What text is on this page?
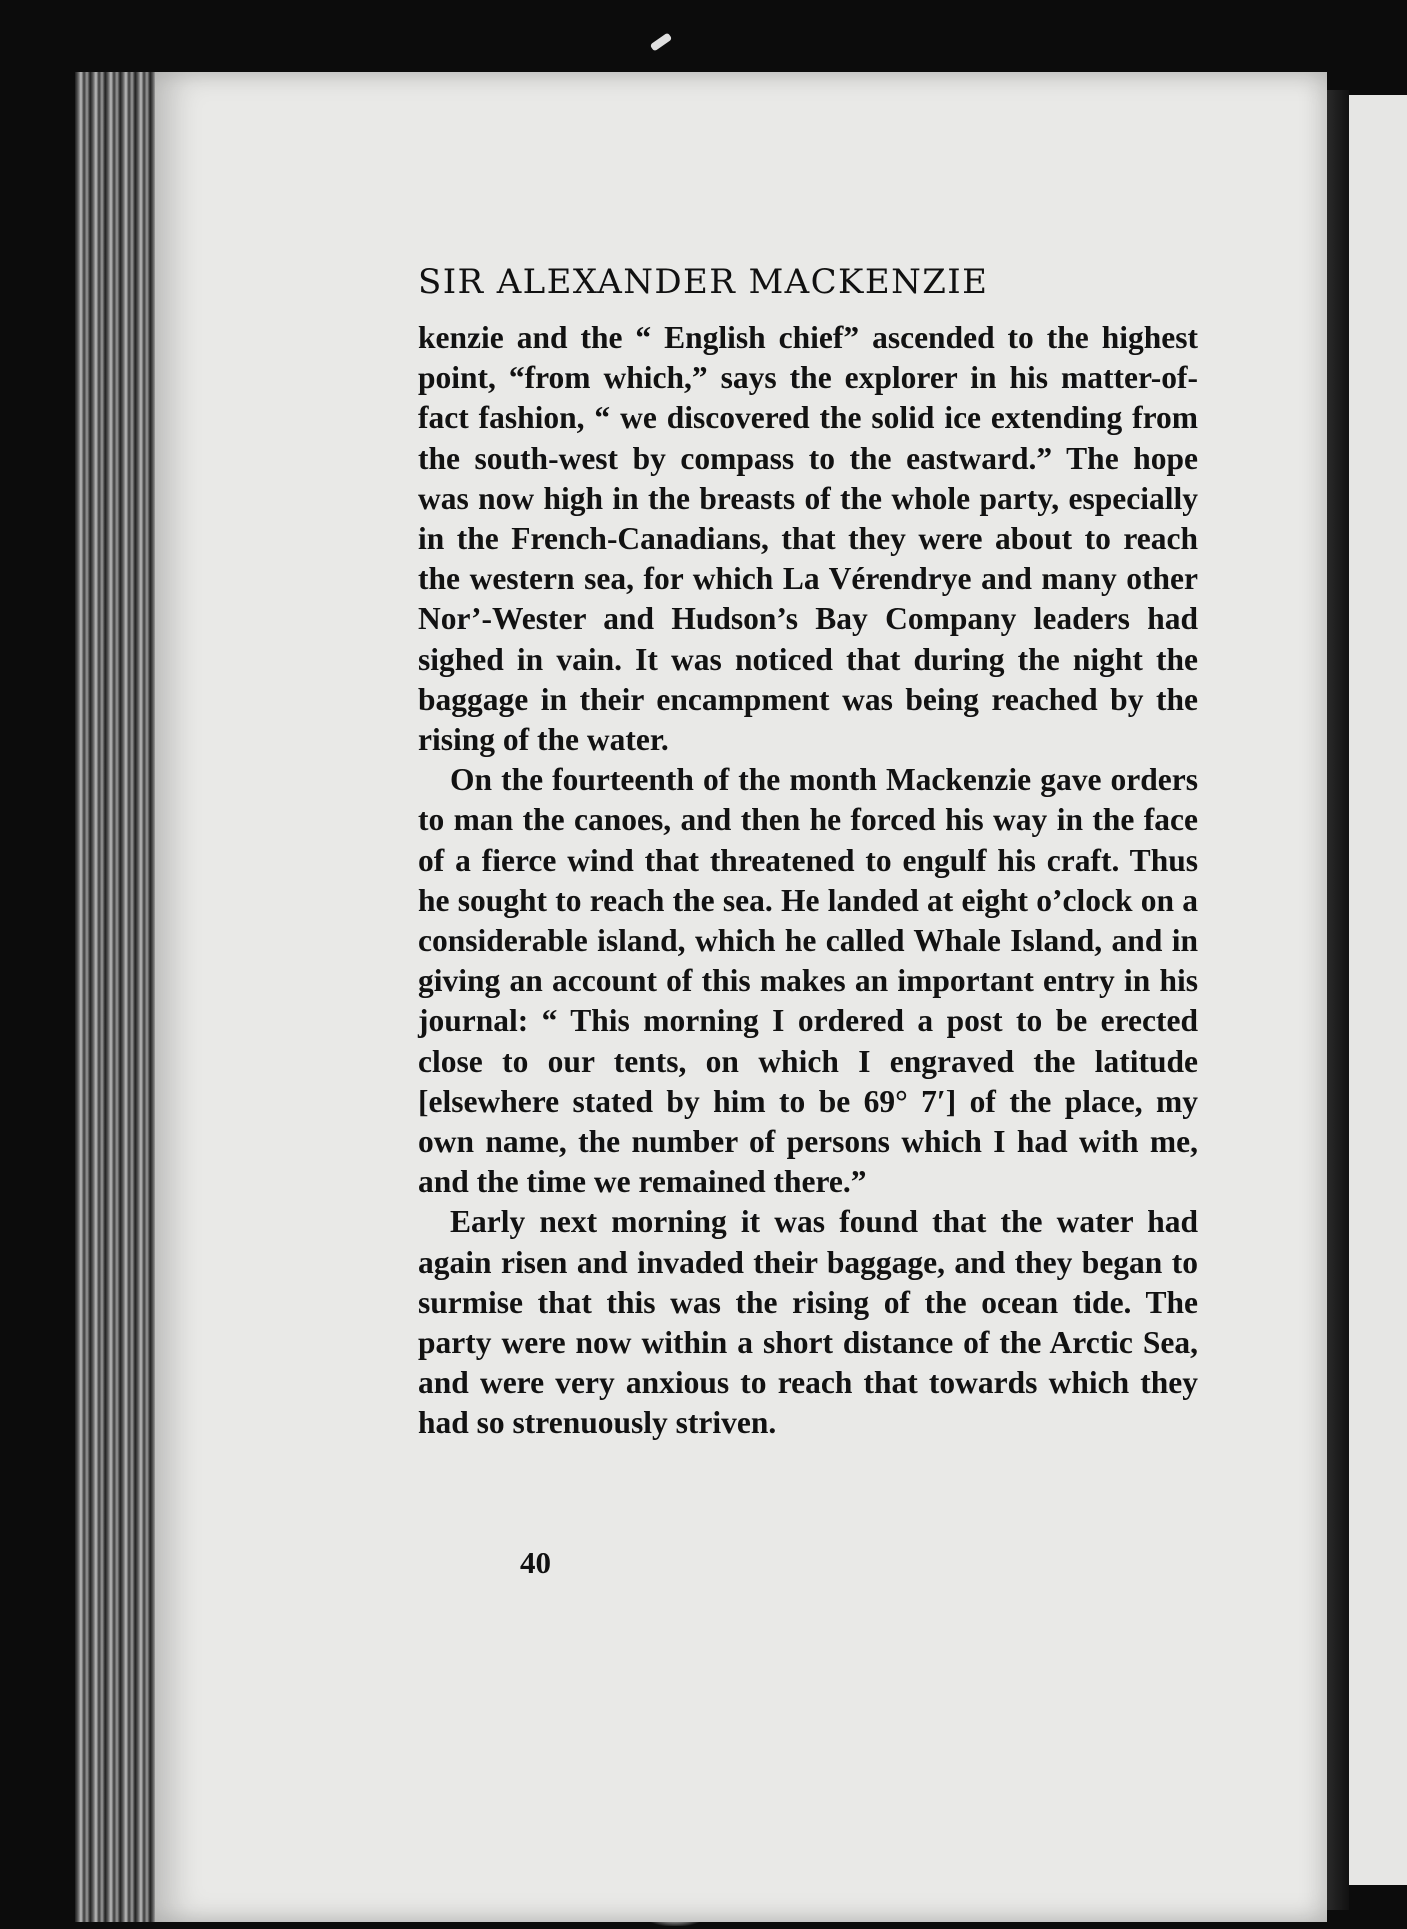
SIR ALEXANDER MACKENZIE

kenzie and the “ English chief” ascended to the highest point, “from which,” says the explorer in his matter-of-fact fashion, “ we discovered the solid ice extending from the south-west by compass to the eastward.” The hope was now high in the breasts of the whole party, especially in the French-Canadians, that they were about to reach the western sea, for which La Vérendrye and many other Nor’-Wester and Hudson’s Bay Company leaders had sighed in vain. It was noticed that during the night the baggage in their encampment was being reached by the rising of the water.

On the fourteenth of the month Mackenzie gave orders to man the canoes, and then he forced his way in the face of a fierce wind that threatened to engulf his craft. Thus he sought to reach the sea. He landed at eight o’clock on a considerable island, which he called Whale Island, and in giving an account of this makes an important entry in his journal: “ This morning I ordered a post to be erected close to our tents, on which I engraved the latitude [elsewhere stated by him to be 69° 7′] of the place, my own name, the number of persons which I had with me, and the time we remained there.”

Early next morning it was found that the water had again risen and invaded their baggage, and they began to surmise that this was the rising of the ocean tide. The party were now within a short distance of the Arctic Sea, and were very anxious to reach that towards which they had so strenuously striven.

40
